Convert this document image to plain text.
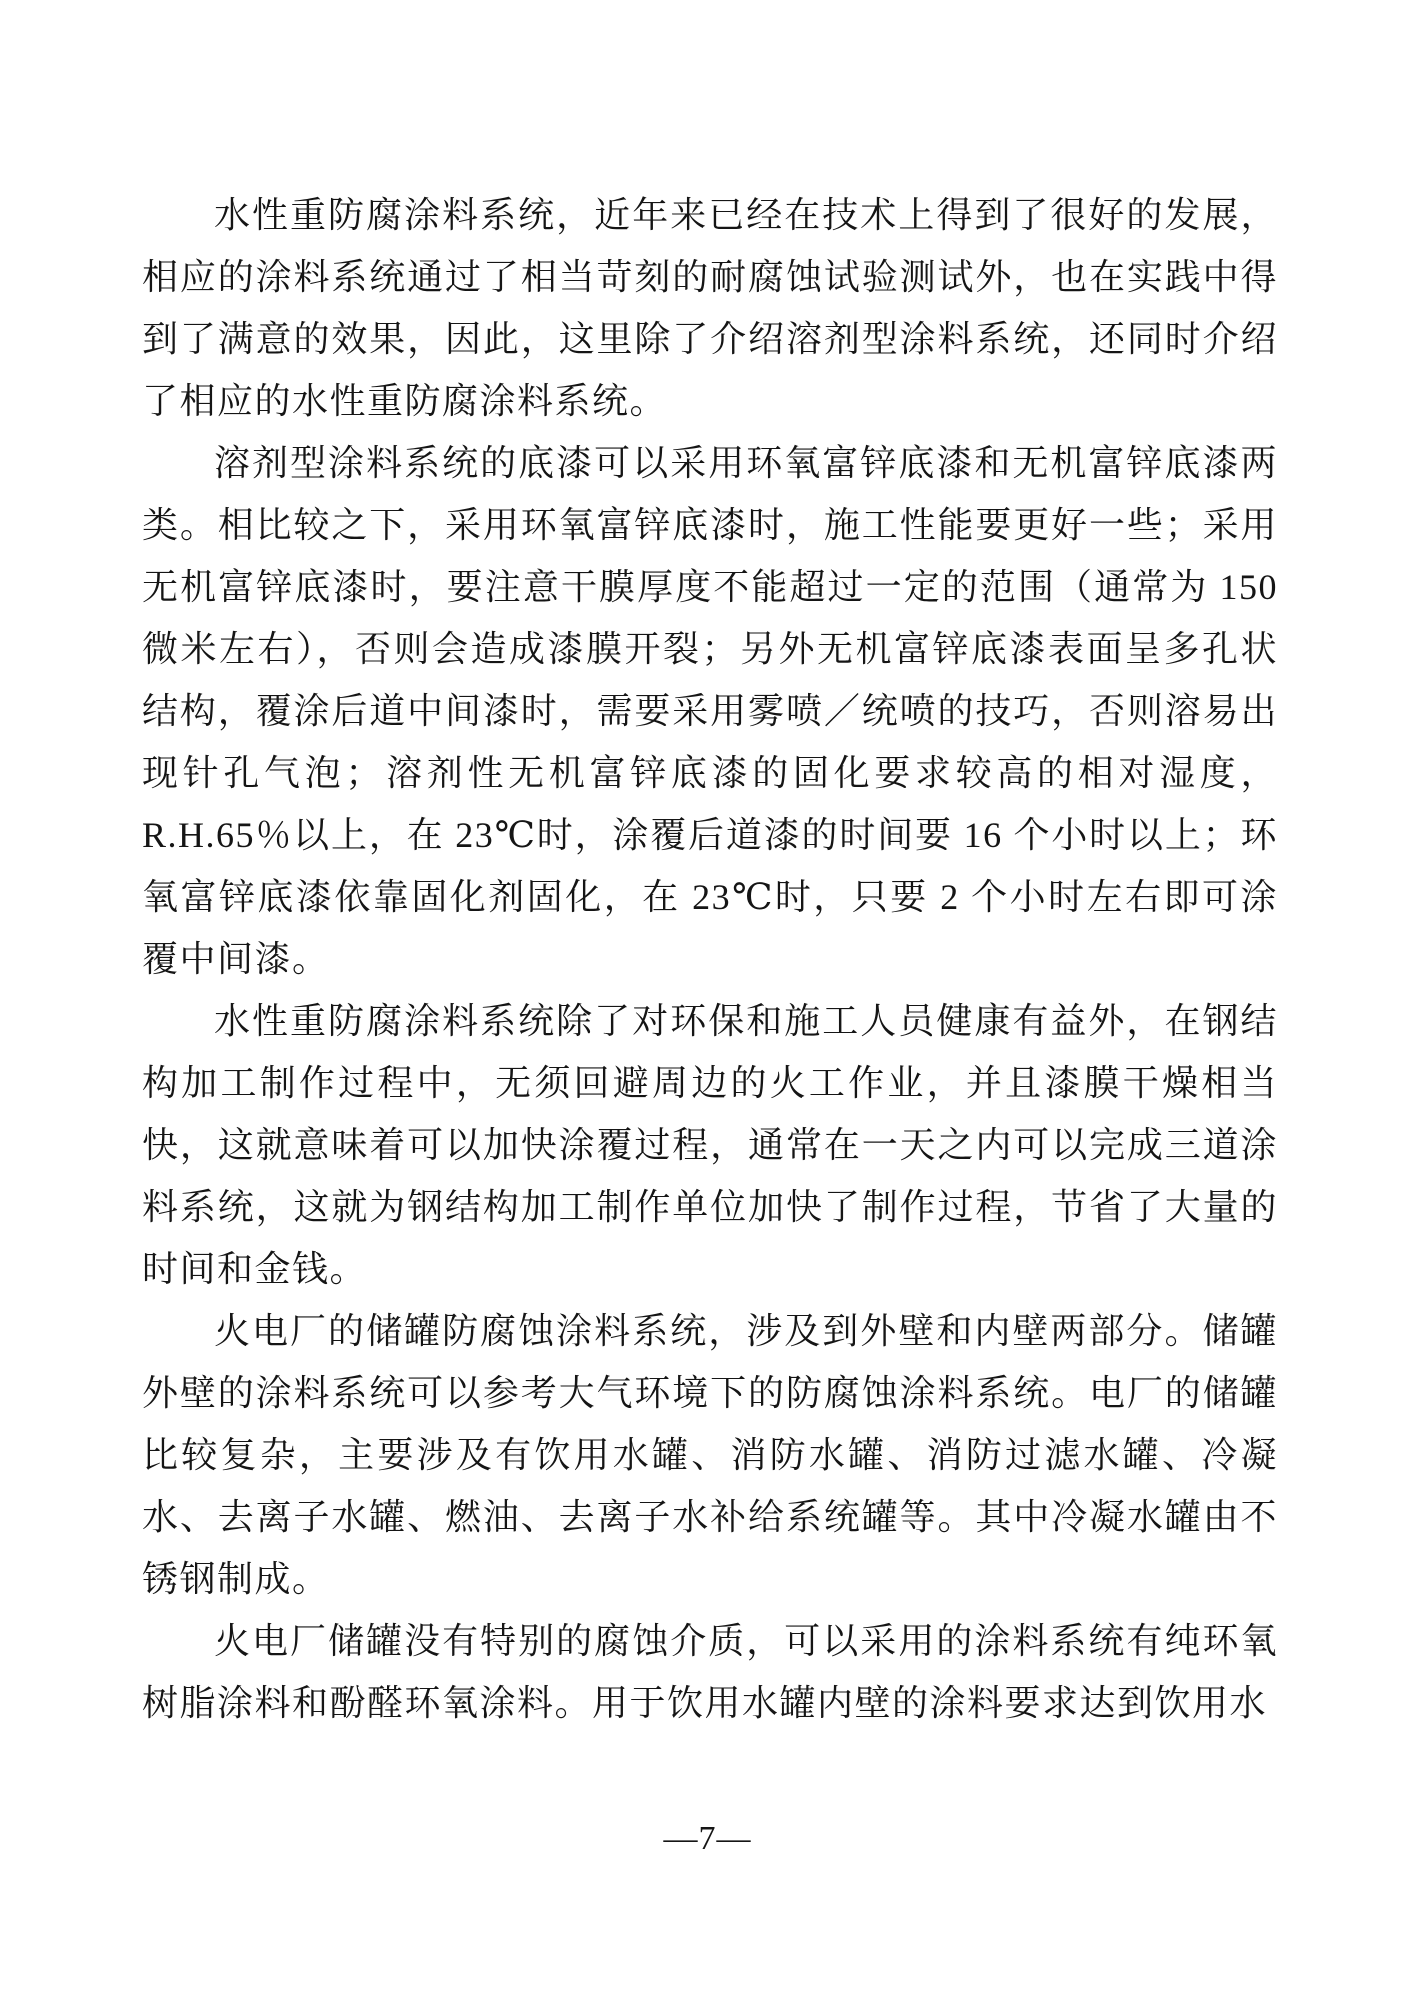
水性重防腐涂料系统，近年来已经在技术上得到了很好的发展，相应的涂料系统通过了相当苛刻的耐腐蚀试验测试外，也在实践中得到了满意的效果，因此，这里除了介绍溶剂型涂料系统，还同时介绍了相应的水性重防腐涂料系统。

溶剂型涂料系统的底漆可以采用环氧富锌底漆和无机富锌底漆两类。相比较之下，采用环氧富锌底漆时，施工性能要更好一些；采用无机富锌底漆时，要注意干膜厚度不能超过一定的范围（通常为 150 微米左右），否则会造成漆膜开裂；另外无机富锌底漆表面呈多孔状结构，覆涂后道中间漆时，需要采用雾喷／统喷的技巧，否则溶易出现针孔气泡；溶剂性无机富锌底漆的固化要求较高的相对湿度，R.H.65％以上，在 23℃时，涂覆后道漆的时间要 16 个小时以上；环氧富锌底漆依靠固化剂固化，在 23℃时，只要 2 个小时左右即可涂覆中间漆。

水性重防腐涂料系统除了对环保和施工人员健康有益外，在钢结构加工制作过程中，无须回避周边的火工作业，并且漆膜干燥相当快，这就意味着可以加快涂覆过程，通常在一天之内可以完成三道涂料系统，这就为钢结构加工制作单位加快了制作过程，节省了大量的时间和金钱。

火电厂的储罐防腐蚀涂料系统，涉及到外壁和内壁两部分。储罐外壁的涂料系统可以参考大气环境下的防腐蚀涂料系统。电厂的储罐比较复杂，主要涉及有饮用水罐、消防水罐、消防过滤水罐、冷凝水、去离子水罐、燃油、去离子水补给系统罐等。其中冷凝水罐由不锈钢制成。

火电厂储罐没有特别的腐蚀介质，可以采用的涂料系统有纯环氧树脂涂料和酚醛环氧涂料。用于饮用水罐内壁的涂料要求达到饮用水

—7—
